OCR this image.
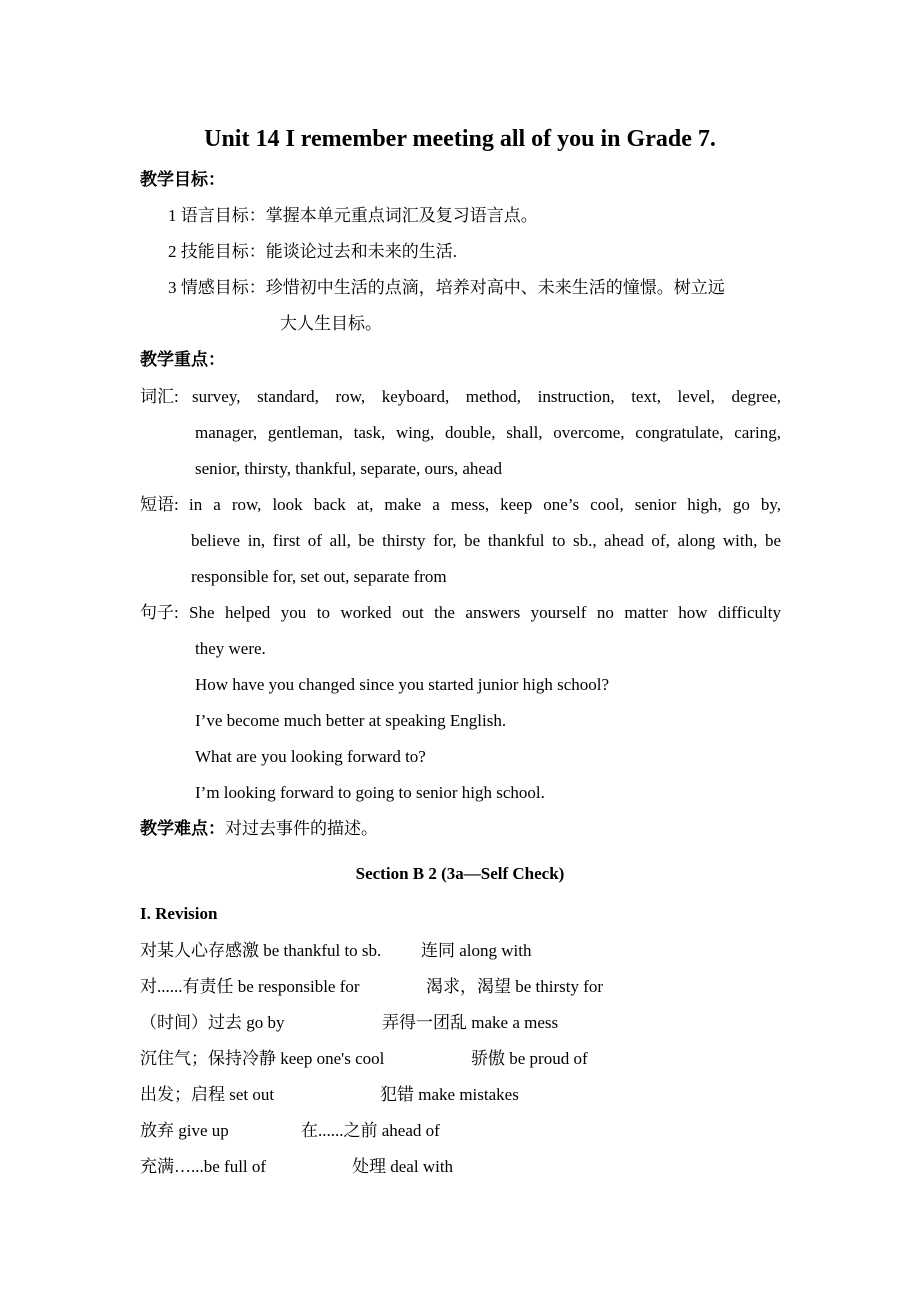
Unit 14 I remember meeting all of you in Grade 7.
教学目标：
1 语言目标：掌握本单元重点词汇及复习语言点。
2 技能目标：能谈论过去和未来的生活.
3 情感目标：珍惜初中生活的点滴，培养对高中、未来生活的憧憬。树立远
大人生目标。
教学重点：
词汇: survey, standard, row, keyboard, method, instruction, text, level, degree,
manager, gentleman, task, wing, double, shall, overcome, congratulate, caring,
senior, thirsty, thankful, separate, ours, ahead
短语: in a row, look back at, make a mess, keep one’s cool, senior high, go by,
believe in, first of all, be thirsty for, be thankful to sb., ahead of, along with, be
responsible for, set out, separate from
句子: She helped you to worked out the answers yourself no matter how difficulty
they were.
How have you changed since you started junior high school?
I’ve become much better at speaking English.
What are you looking forward to?
I’m looking forward to going to senior high school.
教学难点：对过去事件的描述。
Section B 2 (3a—Self Check)
I. Revision
对某人心存感激 be thankful to sb. 连同 along with
对......有责任 be responsible for	渴求，渴望 be thirsty for
（时间）过去 go by	弄得一团乱 make a mess
沉住气；保持冷静 keep one's cool	骄傲 be proud of
出发；启程 set out	犯错 make mistakes
放弃 give up	在......之前 ahead of
充满…...be full of	处理 deal with
